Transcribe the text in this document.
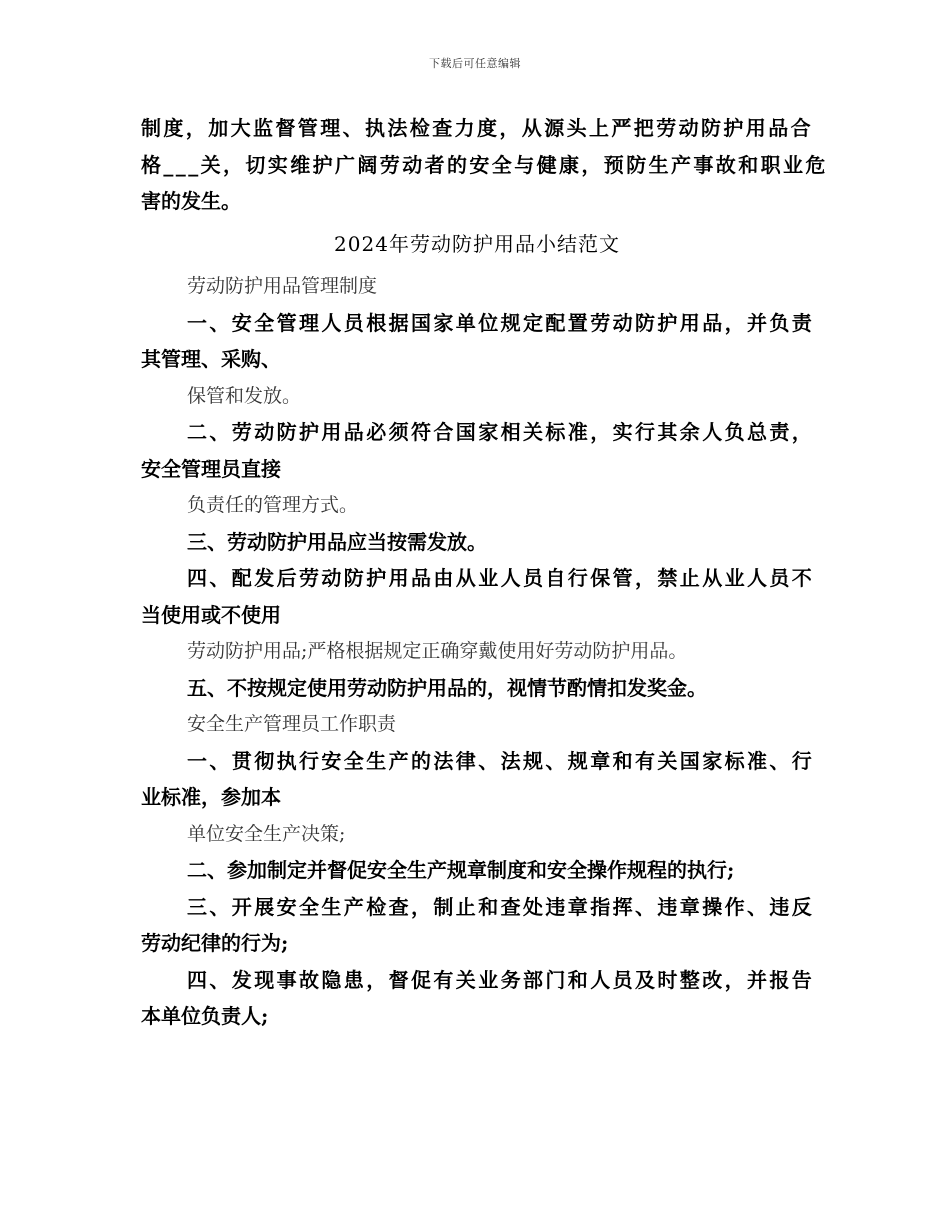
下载后可任意编辑
制度，加大监督管理、执法检查力度，从源头上严把劳动防护用品合
格___关，切实维护广阔劳动者的安全与健康，预防生产事故和职业危
害的发生。
2024年劳动防护用品小结范文
劳动防护用品管理制度
一、安全管理人员根据国家单位规定配置劳动防护用品，并负责
其管理、采购、
保管和发放。
二、劳动防护用品必须符合国家相关标准，实行其余人负总责，
安全管理员直接
负责任的管理方式。
三、劳动防护用品应当按需发放。
四、配发后劳动防护用品由从业人员自行保管，禁止从业人员不
当使用或不使用
劳动防护用品;严格根据规定正确穿戴使用好劳动防护用品。
五、不按规定使用劳动防护用品的，视情节酌情扣发奖金。
安全生产管理员工作职责
一、贯彻执行安全生产的法律、法规、规章和有关国家标准、行
业标准，参加本
单位安全生产决策;
二、参加制定并督促安全生产规章制度和安全操作规程的执行;
三、开展安全生产检查，制止和查处违章指挥、违章操作、违反
劳动纪律的行为;
四、发现事故隐患，督促有关业务部门和人员及时整改，并报告
本单位负责人;
